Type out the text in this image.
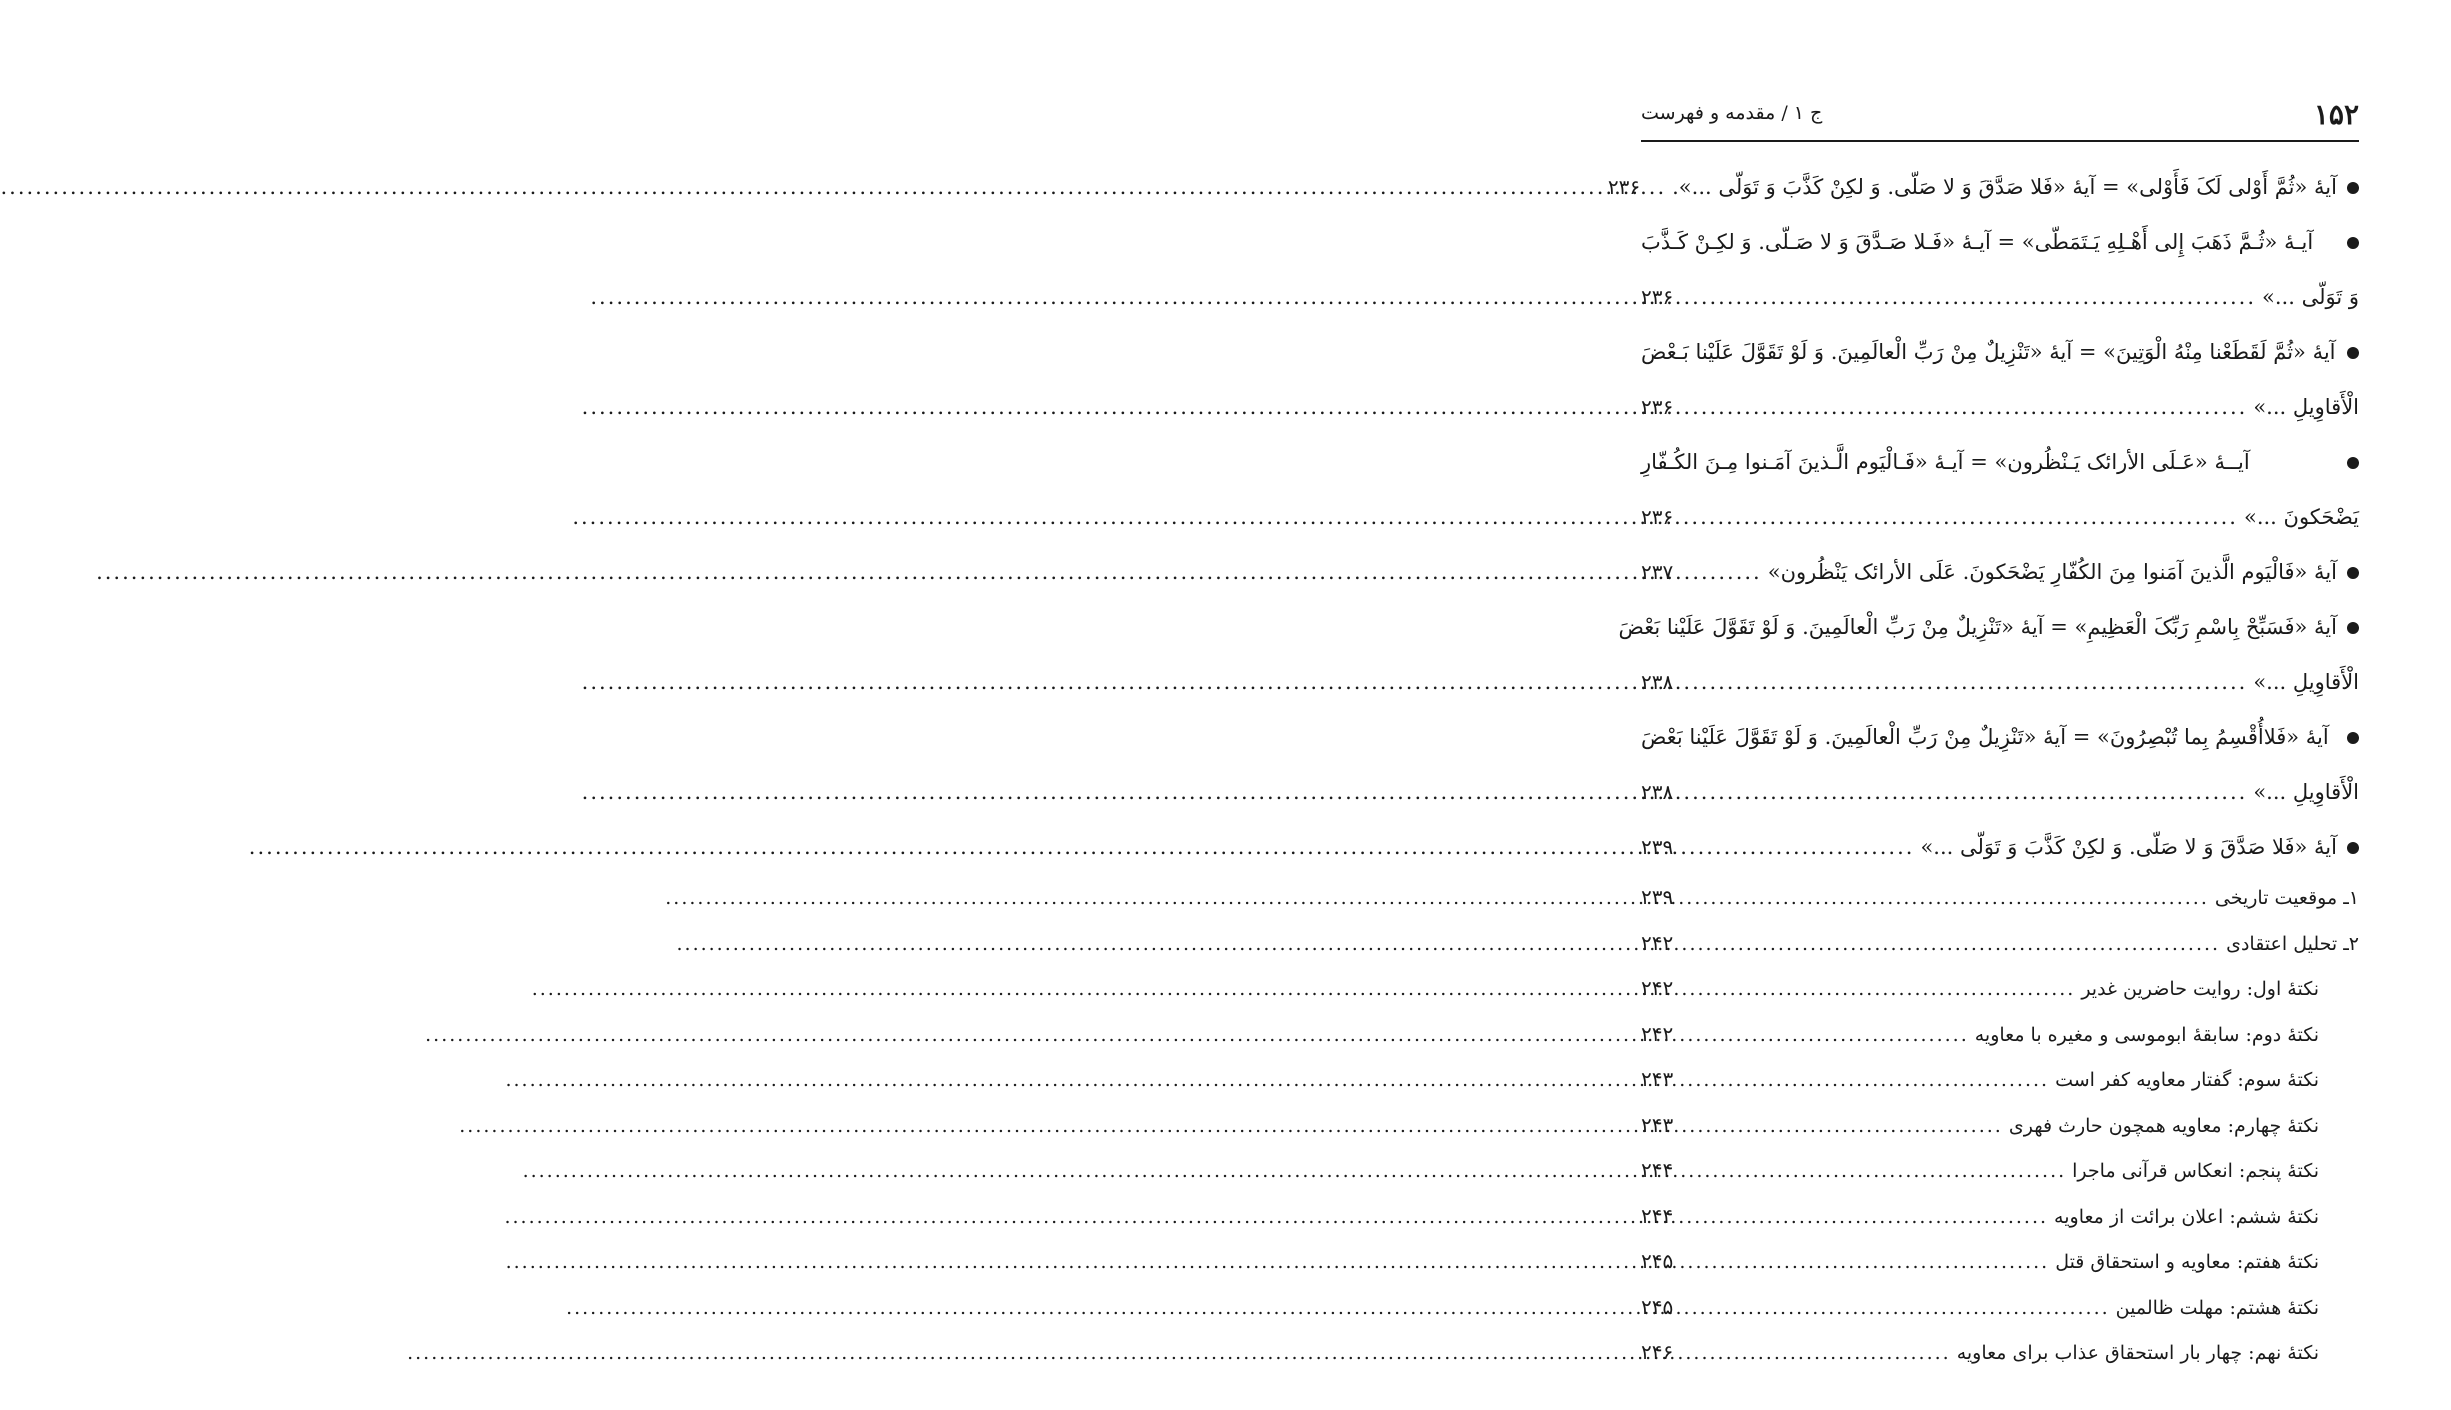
۱۵۲
ج ۱ / مقدمه و فهرست
آیهٔ «ثُمَّ أَوْلی لَکَ فَأَوْلی» = آیهٔ «فَلا صَدَّقَ وَ لا صَلّی. وَ لکِنْ کَذَّبَ وَ تَوَلّی ...».
.....
۲۳۶
آیـهٔ «ثُـمَّ ذَهَبَ إِلی أَهْـلِهِ یَـتَمَطّی» = آیـهٔ «فَـلا صَـدَّقَ وَ لا صَـلّی. وَ لکِـنْ کَـذَّبَ
وَ تَوَلّی ...»
.....
۲۳۶
آیهٔ «ثُمَّ لَقَطَعْنا مِنْهُ الْوَتِینَ» = آیهٔ «تَنْزِیلٌ مِنْ رَبِّ الْعالَمِینَ. وَ لَوْ تَقَوَّلَ عَلَیْنا بَـعْضَ
الْأَقاوِیلِ ...»
.....
۲۳۶
آیــهٔ «عَـلَی الأرائک یَـنْظُرون» = آیـهٔ «فَـالْیَوم الَّـذینَ آمَـنوا مِـنَ الکُـفّارِ
یَضْحَکونَ ...»
.....
۲۳۶
آیهٔ «فَالْیَوم الَّذینَ آمَنوا مِنَ الکُفّارِ یَضْحَکونَ. عَلَی الأرائک یَنْظُرون»
.....
۲۳۷
آیهٔ «فَسَبِّحْ بِاسْمِ رَبِّکَ الْعَظِیمِ» = آیهٔ «تَنْزِیلٌ مِنْ رَبِّ الْعالَمِینَ. وَ لَوْ تَقَوَّلَ عَلَیْنا بَعْضَ
الْأَقاوِیلِ ...»
.....
۲۳۸
آیهٔ «فَلاأُقْسِمُ بِما تُبْصِرُونَ» = آیهٔ «تَنْزِیلٌ مِنْ رَبِّ الْعالَمِینَ. وَ لَوْ تَقَوَّلَ عَلَیْنا بَعْضَ
الْأَقاوِیلِ ...»
.....
۲۳۸
آیهٔ «فَلا صَدَّقَ وَ لا صَلّی. وَ لکِنْ کَذَّبَ وَ تَوَلّی ...»
.....
۲۳۹
۱ـ موقعیت تاریخی
.....
۲۳۹
۲ـ تحلیل اعتقادی
.....
۲۴۲
نکتهٔ اول: روایت حاضرین غدیر
.....
۲۴۲
نکتهٔ دوم: سابقهٔ ابوموسی و مغیره با معاویه
.....
۲۴۲
نکتهٔ سوم: گفتار معاویه کفر است
.....
۲۴۳
نکتهٔ چهارم: معاویه همچون حارث فهری
.....
۲۴۳
نکتهٔ پنجم: انعکاس قرآنی ماجرا
.....
۲۴۴
نکتهٔ ششم: اعلان برائت از معاویه
.....
۲۴۴
نکتهٔ هفتم: معاویه و استحقاق قتل
.....
۲۴۵
نکتهٔ هشتم: مهلت ظالمین
.....
۲۴۵
نکتهٔ نهم: چهار بار استحقاق عذاب برای معاویه
.....
۲۴۶
